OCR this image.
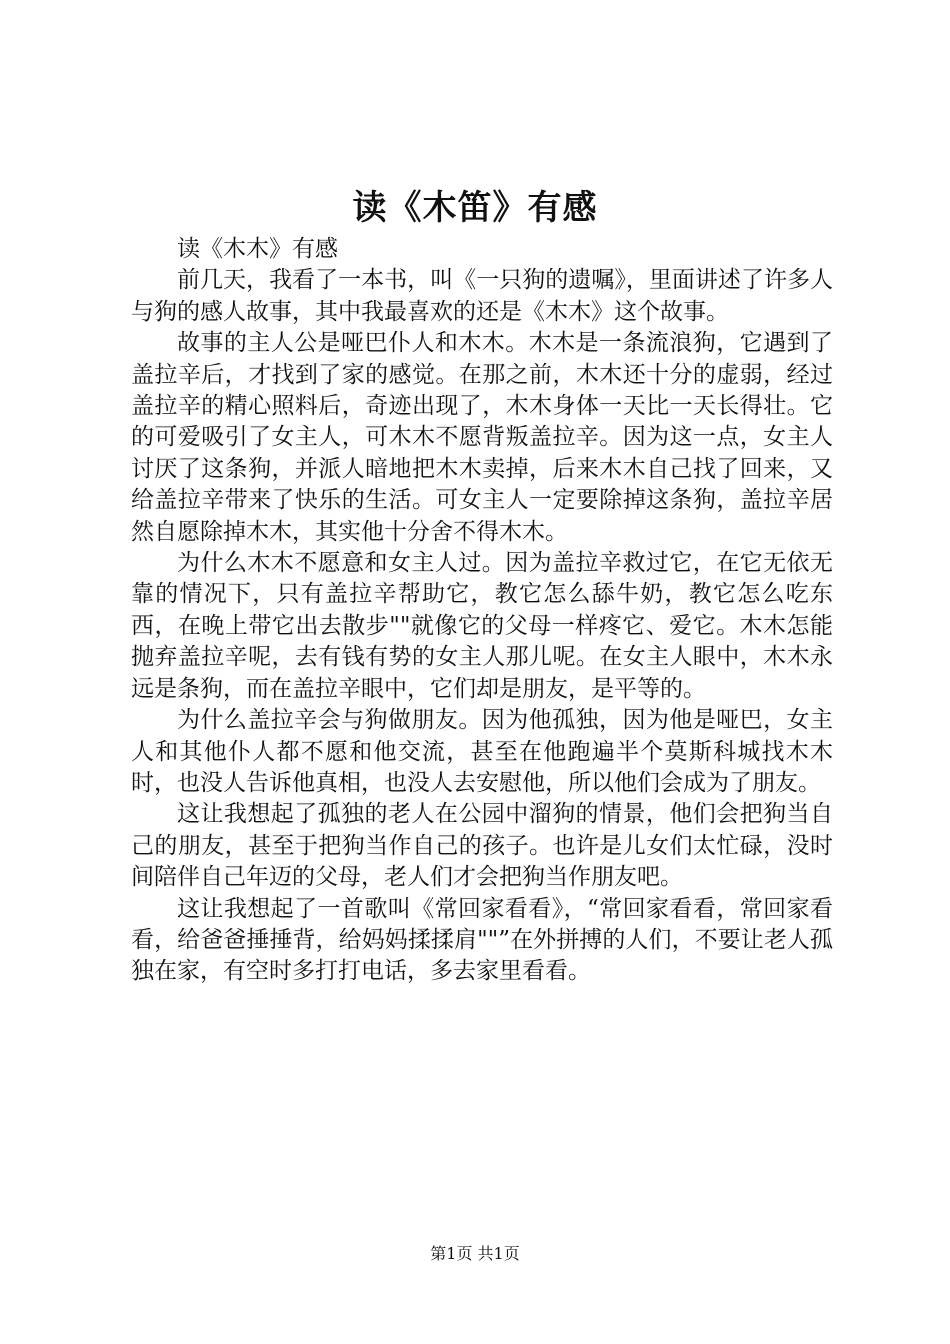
读《木笛》有感

读《木木》有感

前几天，我看了一本书，叫《一只狗的遗嘱》，里面讲述了许多人与狗的感人故事，其中我最喜欢的还是《木木》这个故事。

故事的主人公是哑巴仆人和木木。木木是一条流浪狗，它遇到了盖拉辛后，才找到了家的感觉。在那之前，木木还十分的虚弱，经过盖拉辛的精心照料后，奇迹出现了，木木身体一天比一天长得壮。它的可爱吸引了女主人，可木木不愿背叛盖拉辛。因为这一点，女主人讨厌了这条狗，并派人暗地把木木卖掉，后来木木自己找了回来，又给盖拉辛带来了快乐的生活。可女主人一定要除掉这条狗，盖拉辛居然自愿除掉木木，其实他十分舍不得木木。

为什么木木不愿意和女主人过。因为盖拉辛救过它，在它无依无靠的情况下，只有盖拉辛帮助它，教它怎么舔牛奶，教它怎么吃东西，在晚上带它出去散步""就像它的父母一样疼它、爱它。木木怎能抛弃盖拉辛呢，去有钱有势的女主人那儿呢。在女主人眼中，木木永远是条狗，而在盖拉辛眼中，它们却是朋友，是平等的。

为什么盖拉辛会与狗做朋友。因为他孤独，因为他是哑巴，女主人和其他仆人都不愿和他交流，甚至在他跑遍半个莫斯科城找木木时，也没人告诉他真相，也没人去安慰他，所以他们会成为了朋友。

这让我想起了孤独的老人在公园中溜狗的情景，他们会把狗当自己的朋友，甚至于把狗当作自己的孩子。也许是儿女们太忙碌，没时间陪伴自己年迈的父母，老人们才会把狗当作朋友吧。

这让我想起了一首歌叫《常回家看看》，“常回家看看，常回家看看，给爸爸捶捶背，给妈妈揉揉肩""”在外拼搏的人们，不要让老人孤独在家，有空时多打打电话，多去家里看看。

第1页 共1页
